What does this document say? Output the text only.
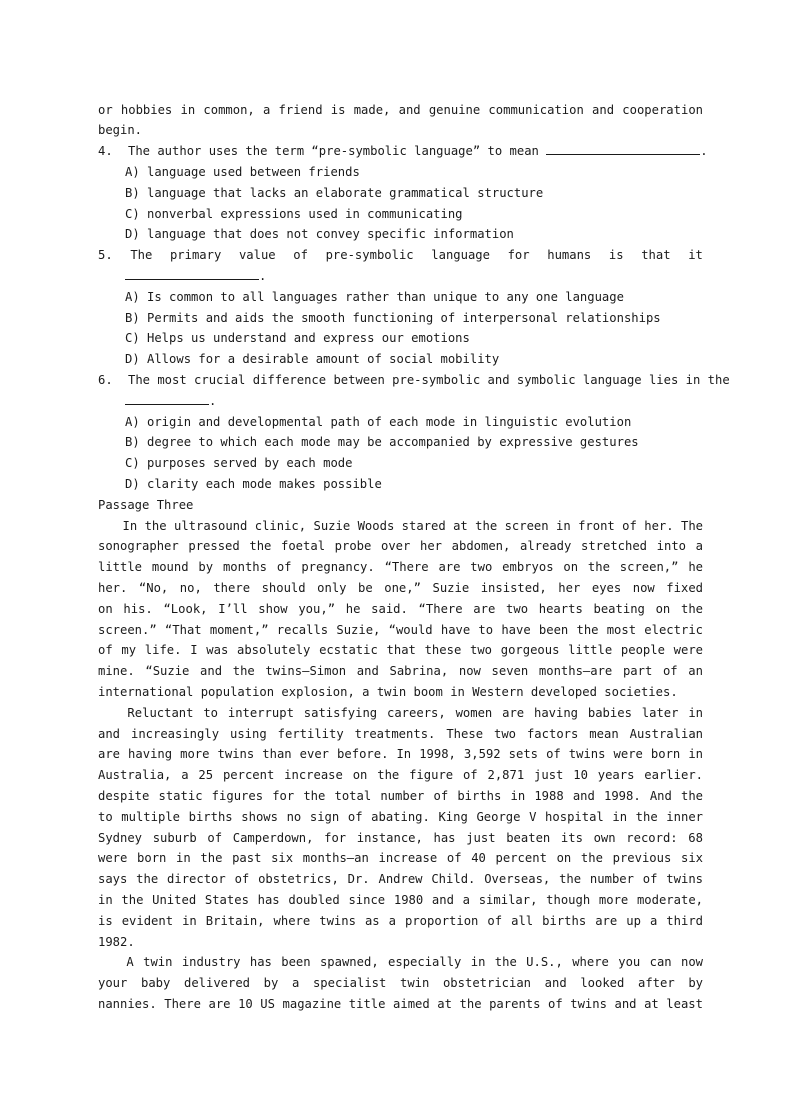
or hobbies in common, a friend is made, and genuine communication and cooperation
begin.
4. The author uses the term “pre-symbolic language” to mean	.
A) language used between friends
B) language that lacks an elaborate grammatical structure
C) nonverbal expressions used in communicating
D) language that does not convey specific information
5. The primary value of pre-symbolic language for humans is that it
.
A) Is common to all languages rather than unique to any one language
B) Permits and aids the smooth functioning of interpersonal relationships
C) Helps us understand and express our emotions
D) Allows for a desirable amount of social mobility
6. The most crucial difference between pre-symbolic and symbolic language lies in the
.
A) origin and developmental path of each mode in linguistic evolution
B) degree to which each mode may be accompanied by expressive gestures
C) purposes served by each mode
D) clarity each mode makes possible
Passage Three
　　In the ultrasound clinic, Suzie Woods stared at the screen in front of her. The
sonographer pressed the foetal probe over her abdomen, already stretched into a
little mound by months of pregnancy. “There are two embryos on the screen,” he
her. “No, no, there should only be one,” Suzie insisted, her eyes now fixed
on his. “Look, I’ll show you,” he said. “There are two hearts beating on the
screen.” “That moment,” recalls Suzie, “would have to have been the most electric
of my life. I was absolutely ecstatic that these two gorgeous little people were
mine. “Suzie and the twins—Simon and Sabrina, now seven months—are part of an
international population explosion, a twin boom in Western developed societies.
　　Reluctant to interrupt satisfying careers, women are having babies later in
and increasingly using fertility treatments. These two factors mean Australian
are having more twins than ever before. In 1998, 3,592 sets of twins were born in
Australia, a 25 percent increase on the figure of 2,871 just 10 years earlier.
despite static figures for the total number of births in 1988 and 1998. And the
to multiple births shows no sign of abating. King George V hospital in the inner
Sydney suburb of Camperdown, for instance, has just beaten its own record: 68
were born in the past six months—an increase of 40 percent on the previous six
says the director of obstetrics, Dr. Andrew Child. Overseas, the number of twins
in the United States has doubled since 1980 and a similar, though more moderate,
is evident in Britain, where twins as a proportion of all births are up a third
1982.
　　A twin industry has been spawned, especially in the U.S., where you can now
your baby delivered by a specialist twin obstetrician and looked after by
nannies. There are 10 US magazine title aimed at the parents of twins and at least
